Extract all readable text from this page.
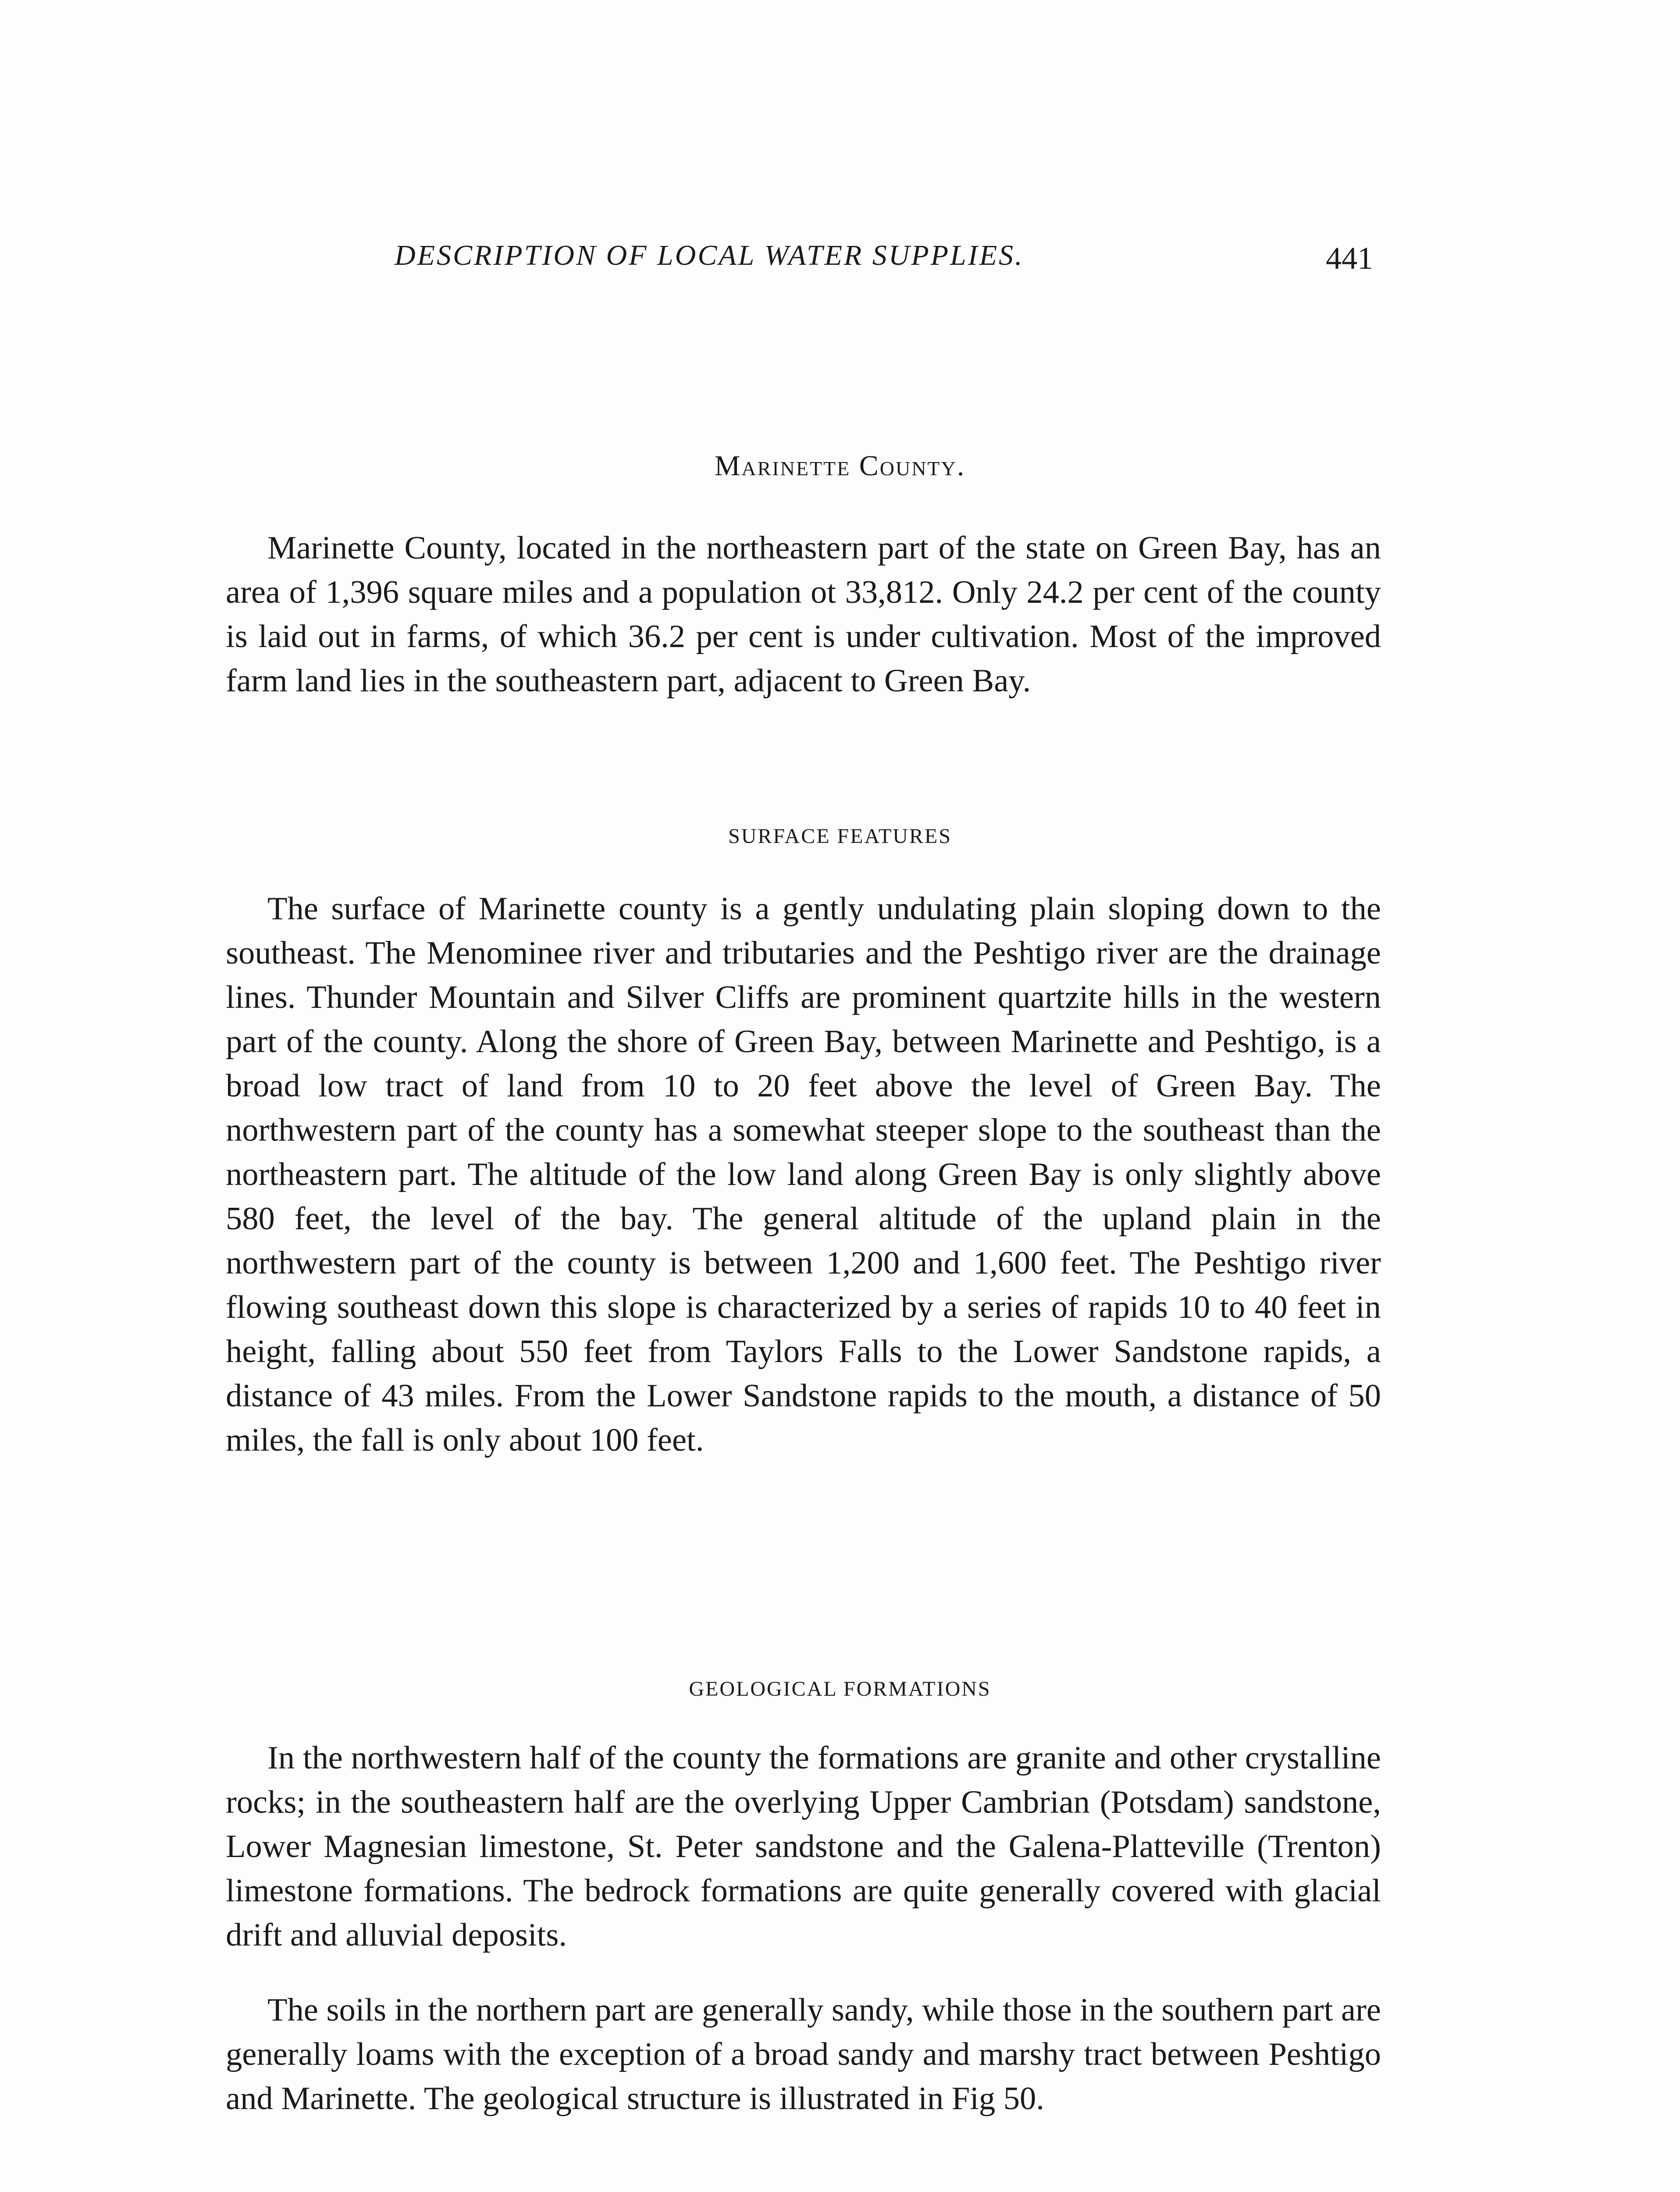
DESCRIPTION OF LOCAL WATER SUPPLIES.	441
Marinette County.

Marinette County, located in the northeastern part of the state on Green Bay, has an area of 1,396 square miles and a population ot 33,812. Only 24.2 per cent of the county is laid out in farms, of which 36.2 per cent is under cultivation. Most of the improved farm land lies in the southeastern part, adjacent to Green Bay.

SURFACE FEATURES

The surface of Marinette county is a gently undulating plain sloping down to the southeast. The Menominee river and tributaries and the Peshtigo river are the drainage lines. Thunder Mountain and Silver Cliffs are prominent quartzite hills in the western part of the county. Along the shore of Green Bay, between Marinette and Peshtigo, is a broad low tract of land from 10 to 20 feet above the level of Green Bay. The northwestern part of the county has a somewhat steeper slope to the southeast than the northeastern part. The altitude of the low land along Green Bay is only slightly above 580 feet, the level of the bay. The general altitude of the upland plain in the northwestern part of the county is between 1,200 and 1,600 feet. The Peshtigo river flowing southeast down this slope is characterized by a series of rapids 10 to 40 feet in height, falling about 550 feet from Taylors Falls to the Lower Sandstone rapids, a distance of 43 miles. From the Lower Sandstone rapids to the mouth, a distance of 50 miles, the fall is only about 100 feet.

GEOLOGICAL FORMATIONS

In the northwestern half of the county the formations are granite and other crystalline rocks; in the southeastern half are the overlying Upper Cambrian (Potsdam) sandstone, Lower Magnesian limestone, St. Peter sandstone and the Galena-Platteville (Trenton) limestone formations. The bedrock formations are quite generally covered with glacial drift and alluvial deposits.

The soils in the northern part are generally sandy, while those in the southern part are generally loams with the exception of a broad sandy and marshy tract between Peshtigo and Marinette. The geological structure is illustrated in Fig 50.
